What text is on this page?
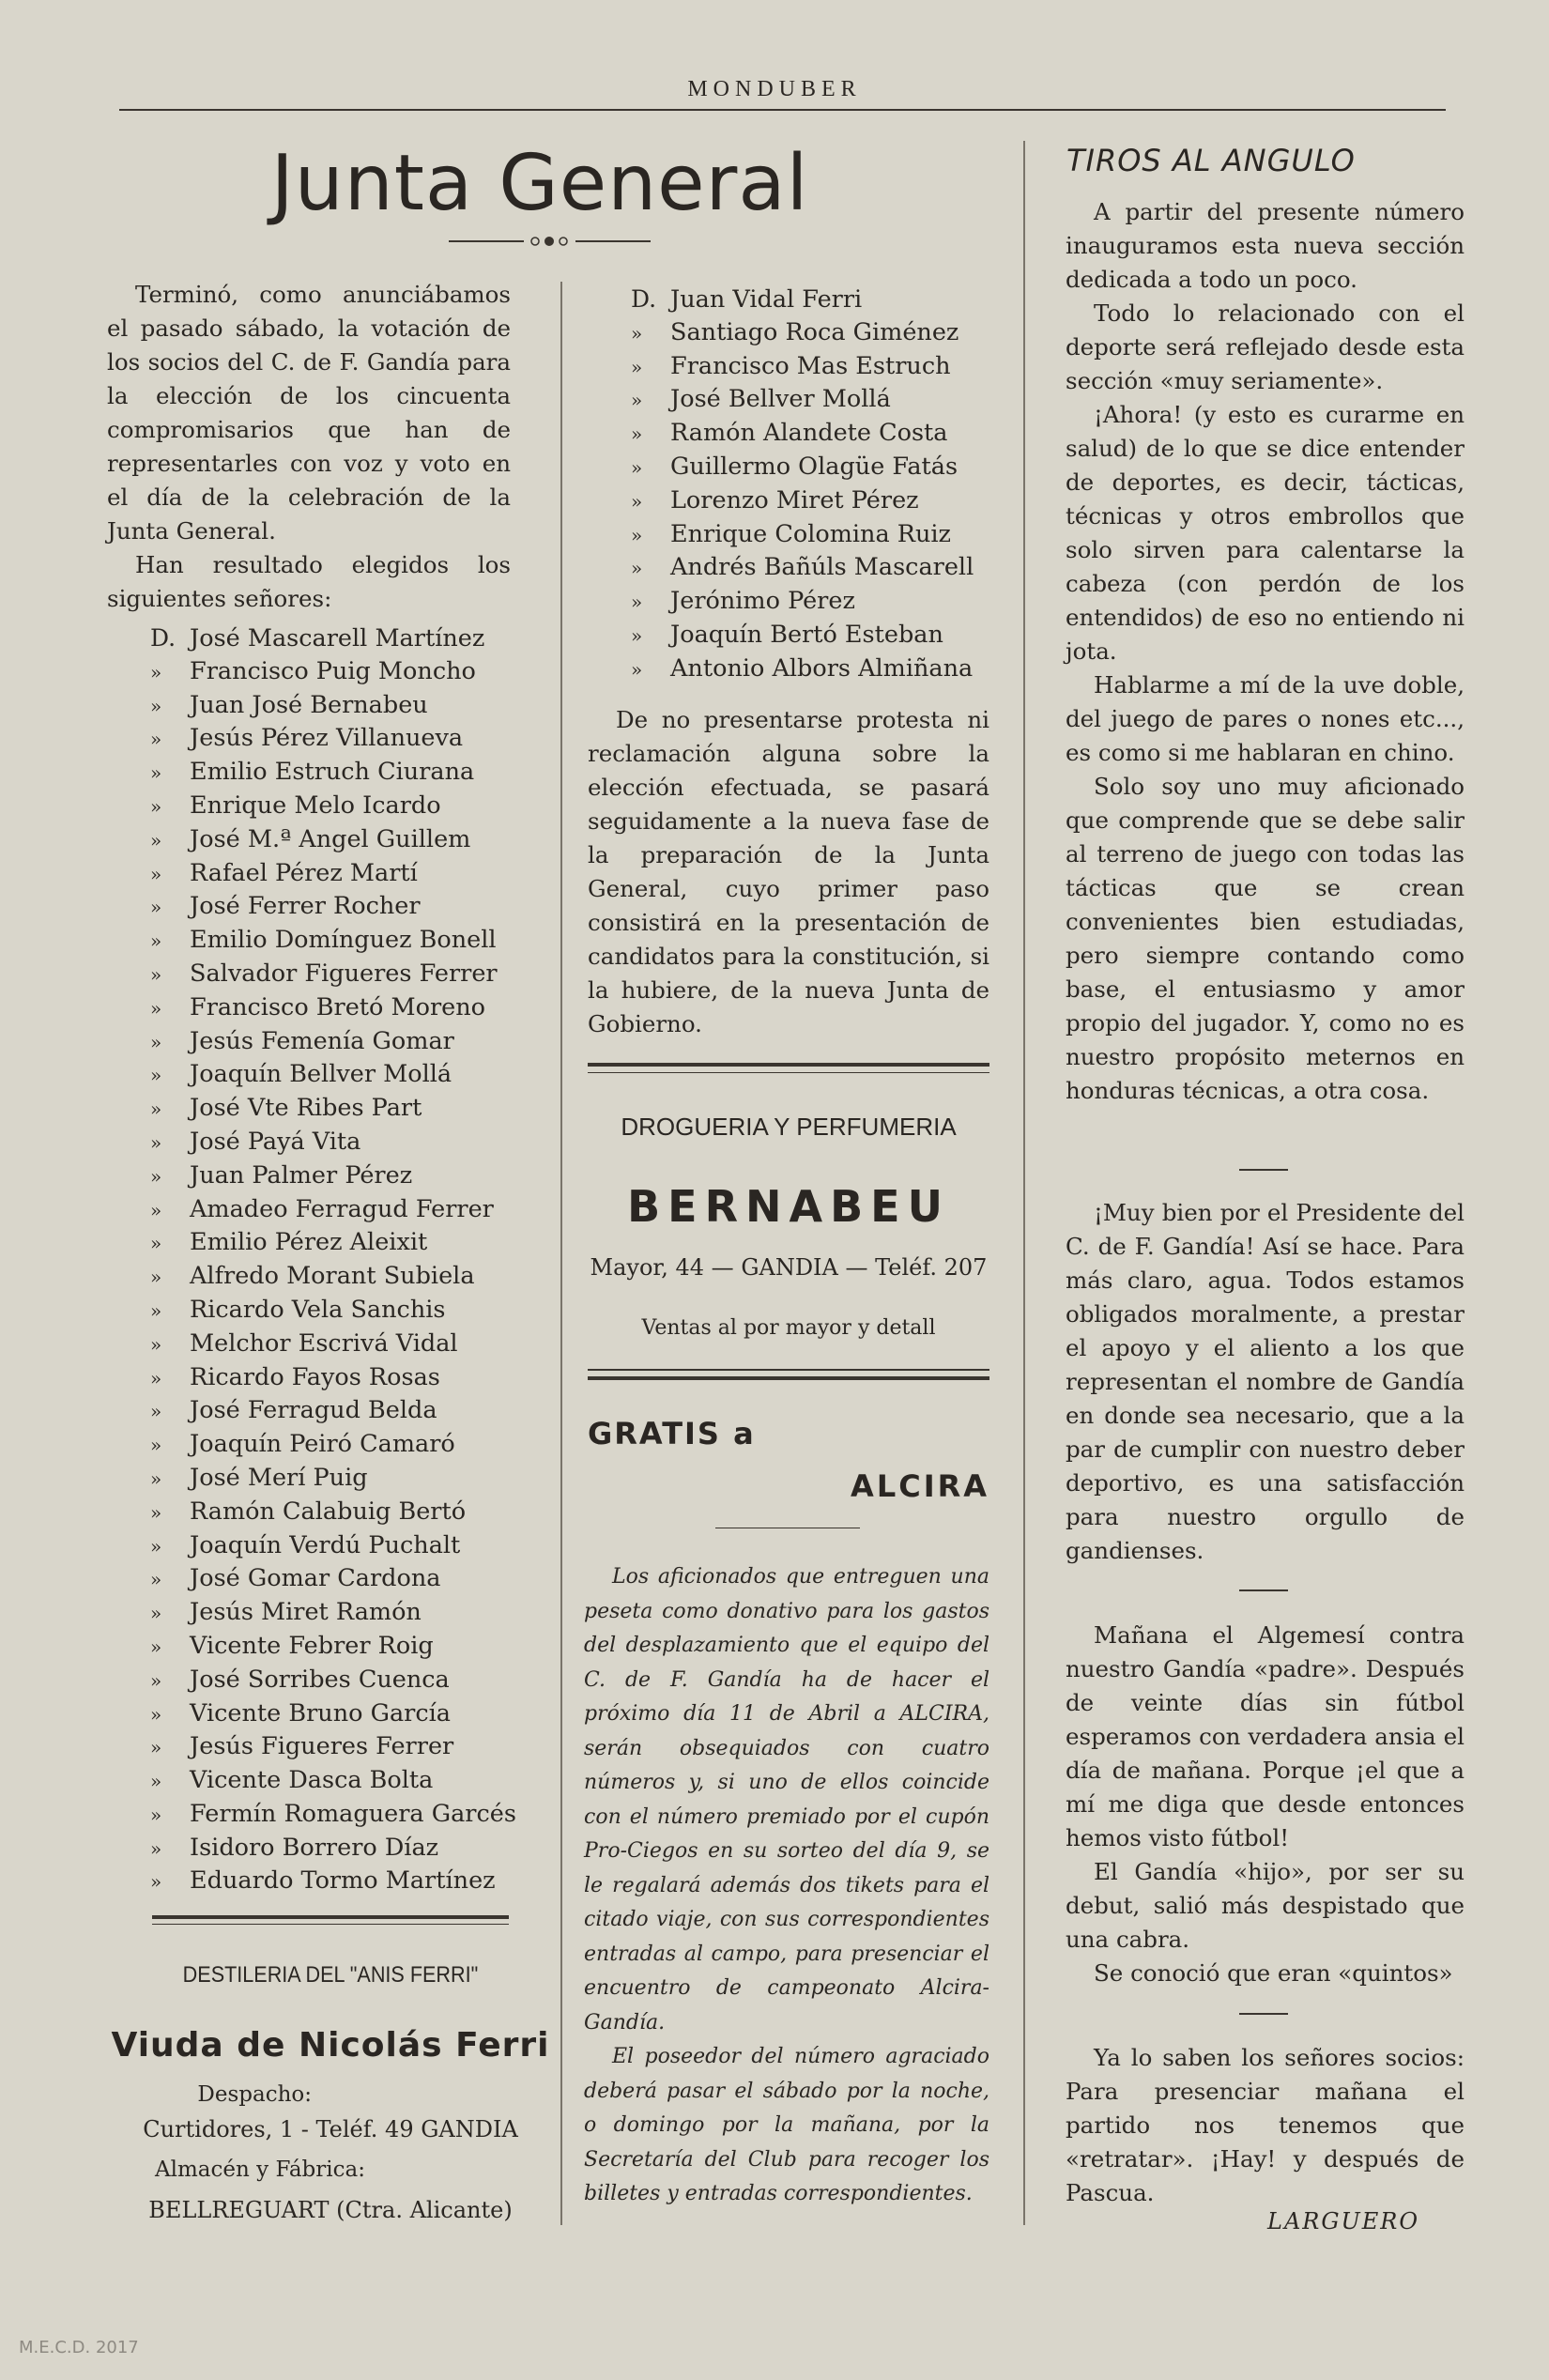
MONDUBER
Junta General

Terminó, como anunciábamos el pasado sábado, la votación de los socios del C. de F. Gandía para la elección de los cincuenta compromisarios que han de representarles con voz y voto en el día de la celebración de la Junta General.

Han resultado elegidos los siguientes señores:

D. José Mascarell Martínez
» Francisco Puig Moncho
» Juan José Bernabeu
» Jesús Pérez Villanueva
» Emilio Estruch Ciurana
» Enrique Melo Icardo
» José M.ª Angel Guillem
» Rafael Pérez Martí
» José Ferrer Rocher
» Emilio Domínguez Bonell
» Salvador Figueres Ferrer
» Francisco Bretó Moreno
» Jesús Femenía Gomar
» Joaquín Bellver Mollá
» José Vte Ribes Part
» José Payá Vita
» Juan Palmer Pérez
» Amadeo Ferragud Ferrer
» Emilio Pérez Aleixit
» Alfredo Morant Subiela
» Ricardo Vela Sanchis
» Melchor Escrivá Vidal
» Ricardo Fayos Rosas
» José Ferragud Belda
» Joaquín Peiró Camaró
» José Merí Puig
» Ramón Calabuig Bertó
» Joaquín Verdú Puchalt
» José Gomar Cardona
» Jesús Miret Ramón
» Vicente Febrer Roig
» José Sorribes Cuenca
» Vicente Bruno García
» Jesús Figueres Ferrer
» Vicente Dasca Bolta
» Fermín Romaguera Garcés
» Isidoro Borrero Díaz
» Eduardo Tormo Martínez
DESTILERIA DEL "ANIS FERRI"
Viuda de Nicolás Ferri
Despacho:
Curtidores, 1 - Teléf. 49 GANDIA
Almacén y Fábrica:
BELLREGUART (Ctra. Alicante)
D. Juan Vidal Ferri
» Santiago Roca Giménez
» Francisco Mas Estruch
» José Bellver Mollá
» Ramón Alandete Costa
» Guillermo Olagüe Fatás
» Lorenzo Miret Pérez
» Enrique Colomina Ruiz
» Andrés Bañúls Mascarell
» Jerónimo Pérez
» Joaquín Bertó Esteban
» Antonio Albors Almiñana

De no presentarse protesta ni reclamación alguna sobre la elección efectuada, se pasará seguidamente a la nueva fase de la preparación de la Junta General, cuyo primer paso consistirá en la presentación de candidatos para la constitución, si la hubiere, de la nueva Junta de Gobierno.

DROGUERIA Y PERFUMERIA
BERNABEU
Mayor, 44 — GANDIA — Teléf. 207
Ventas al por mayor y detall
GRATIS a
ALCIRA

Los aficionados que entreguen una peseta como donativo para los gastos del desplazamiento que el equipo del C. de F. Gandía ha de hacer el próximo día 11 de Abril a ALCIRA, serán obsequiados con cuatro números y, si uno de ellos coincide con el número premiado por el cupón Pro-Ciegos en su sorteo del día 9, se le regalará además dos tikets para el citado viaje, con sus correspondientes entradas al campo, para presenciar el encuentro de campeonato Alcira-Gandía.

El poseedor del número agraciado deberá pasar el sábado por la noche, o domingo por la mañana, por la Secretaría del Club para recoger los billetes y entradas correspondientes.

TIROS AL ANGULO

A partir del presente número inauguramos esta nueva sección dedicada a todo un poco.

Todo lo relacionado con el deporte será reflejado desde esta sección «muy seriamente».

¡Ahora! (y esto es curarme en salud) de lo que se dice entender de deportes, es decir, tácticas, técnicas y otros embrollos que solo sirven para calentarse la cabeza (con perdón de los entendidos) de eso no entiendo ni jota.

Hablarme a mí de la uve doble, del juego de pares o nones etc..., es como si me hablaran en chino.

Solo soy uno muy aficionado que comprende que se debe salir al terreno de juego con todas las tácticas que se crean convenientes bien estudiadas, pero siempre contando como base, el entusiasmo y amor propio del jugador. Y, como no es nuestro propósito meternos en honduras técnicas, a otra cosa.

¡Muy bien por el Presidente del C. de F. Gandía! Así se hace. Para más claro, agua. Todos estamos obligados moralmente, a prestar el apoyo y el aliento a los que representan el nombre de Gandía en donde sea necesario, que a la par de cumplir con nuestro deber deportivo, es una satisfacción para nuestro orgullo de gandienses.

Mañana el Algemesí contra nuestro Gandía «padre». Después de veinte días sin fútbol esperamos con verdadera ansia el día de mañana. Porque ¡el que a mí me diga que desde entonces hemos visto fútbol!

El Gandía «hijo», por ser su debut, salió más despistado que una cabra.

Se conoció que eran «quintos»

Ya lo saben los señores socios: Para presenciar mañana el partido nos tenemos que «retratar». ¡Hay! y después de Pascua.

LARGUERO
M.E.C.D. 2017
